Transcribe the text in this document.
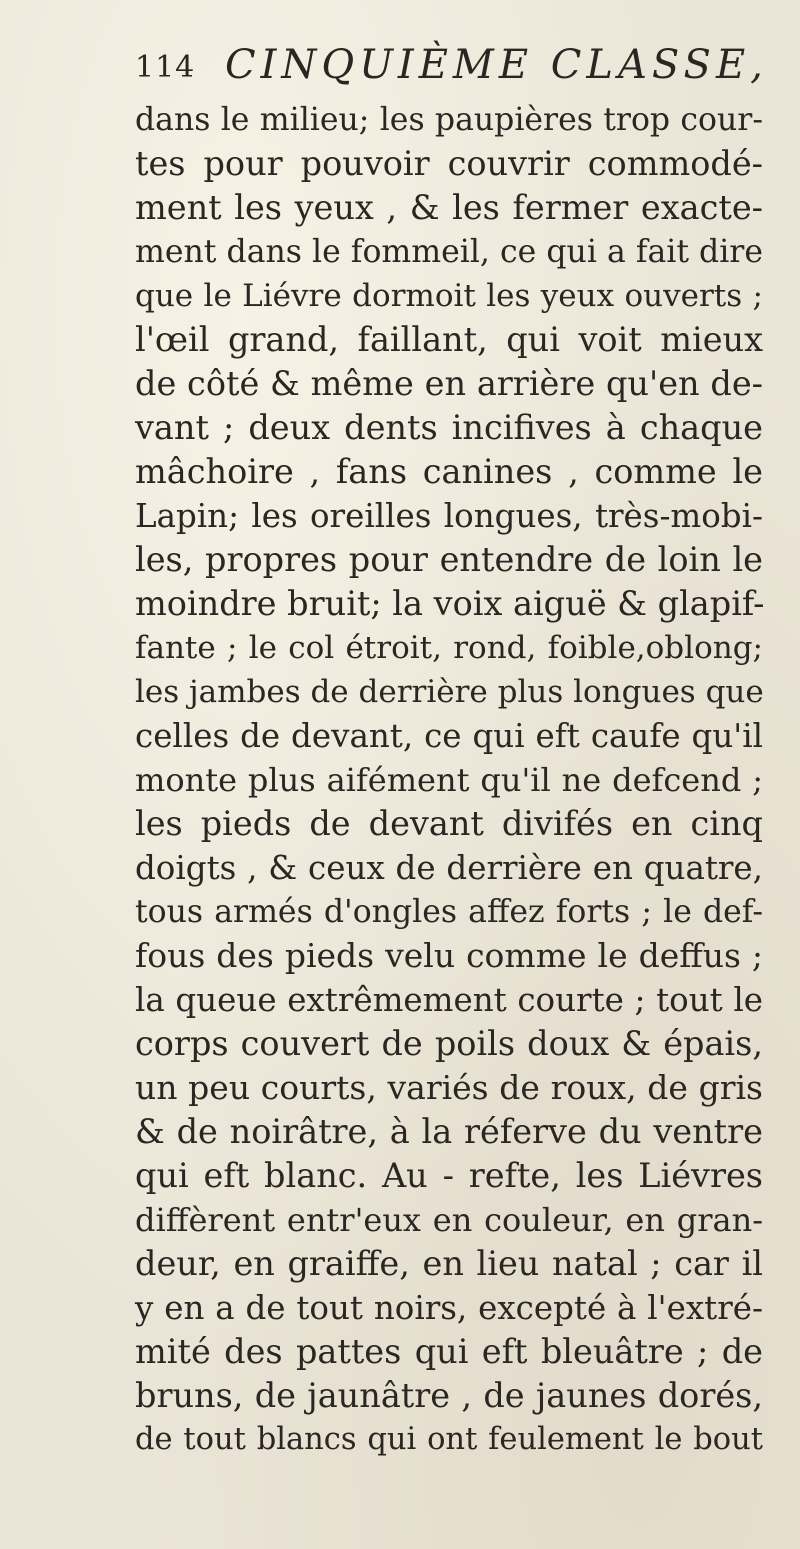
114 CINQUIÈME CLASSE,
dans le milieu; les paupières trop cour-
tes pour pouvoir couvrir commodé-
ment les yeux , & les fermer exacte-
ment dans le fommeil, ce qui a fait dire
que le Liévre dormoit les yeux ouverts ;
l'œil grand, faillant, qui voit mieux
de côté & même en arrière qu'en de-
vant ; deux dents incifives à chaque
mâchoire , fans canines , comme le
Lapin; les oreilles longues, très-mobi-
les, propres pour entendre de loin le
moindre bruit; la voix aiguë & glapif-
fante ; le col étroit, rond, foible,oblong;
les jambes de derrière plus longues que
celles de devant, ce qui eft caufe qu'il
monte plus aifément qu'il ne defcend ;
les pieds de devant divifés en cinq
doigts , & ceux de derrière en quatre,
tous armés d'ongles affez forts ; le def-
fous des pieds velu comme le deffus ;
la queue extrêmement courte ; tout le
corps couvert de poils doux & épais,
un peu courts, variés de roux, de gris
& de noirâtre, à la réferve du ventre
qui eft blanc. Au - refte, les Liévres
diffèrent entr'eux en couleur, en gran-
deur, en graiffe, en lieu natal ; car il
y en a de tout noirs, excepté à l'extré-
mité des pattes qui eft bleuâtre ; de
bruns, de jaunâtre , de jaunes dorés,
de tout blancs qui ont feulement le bout
